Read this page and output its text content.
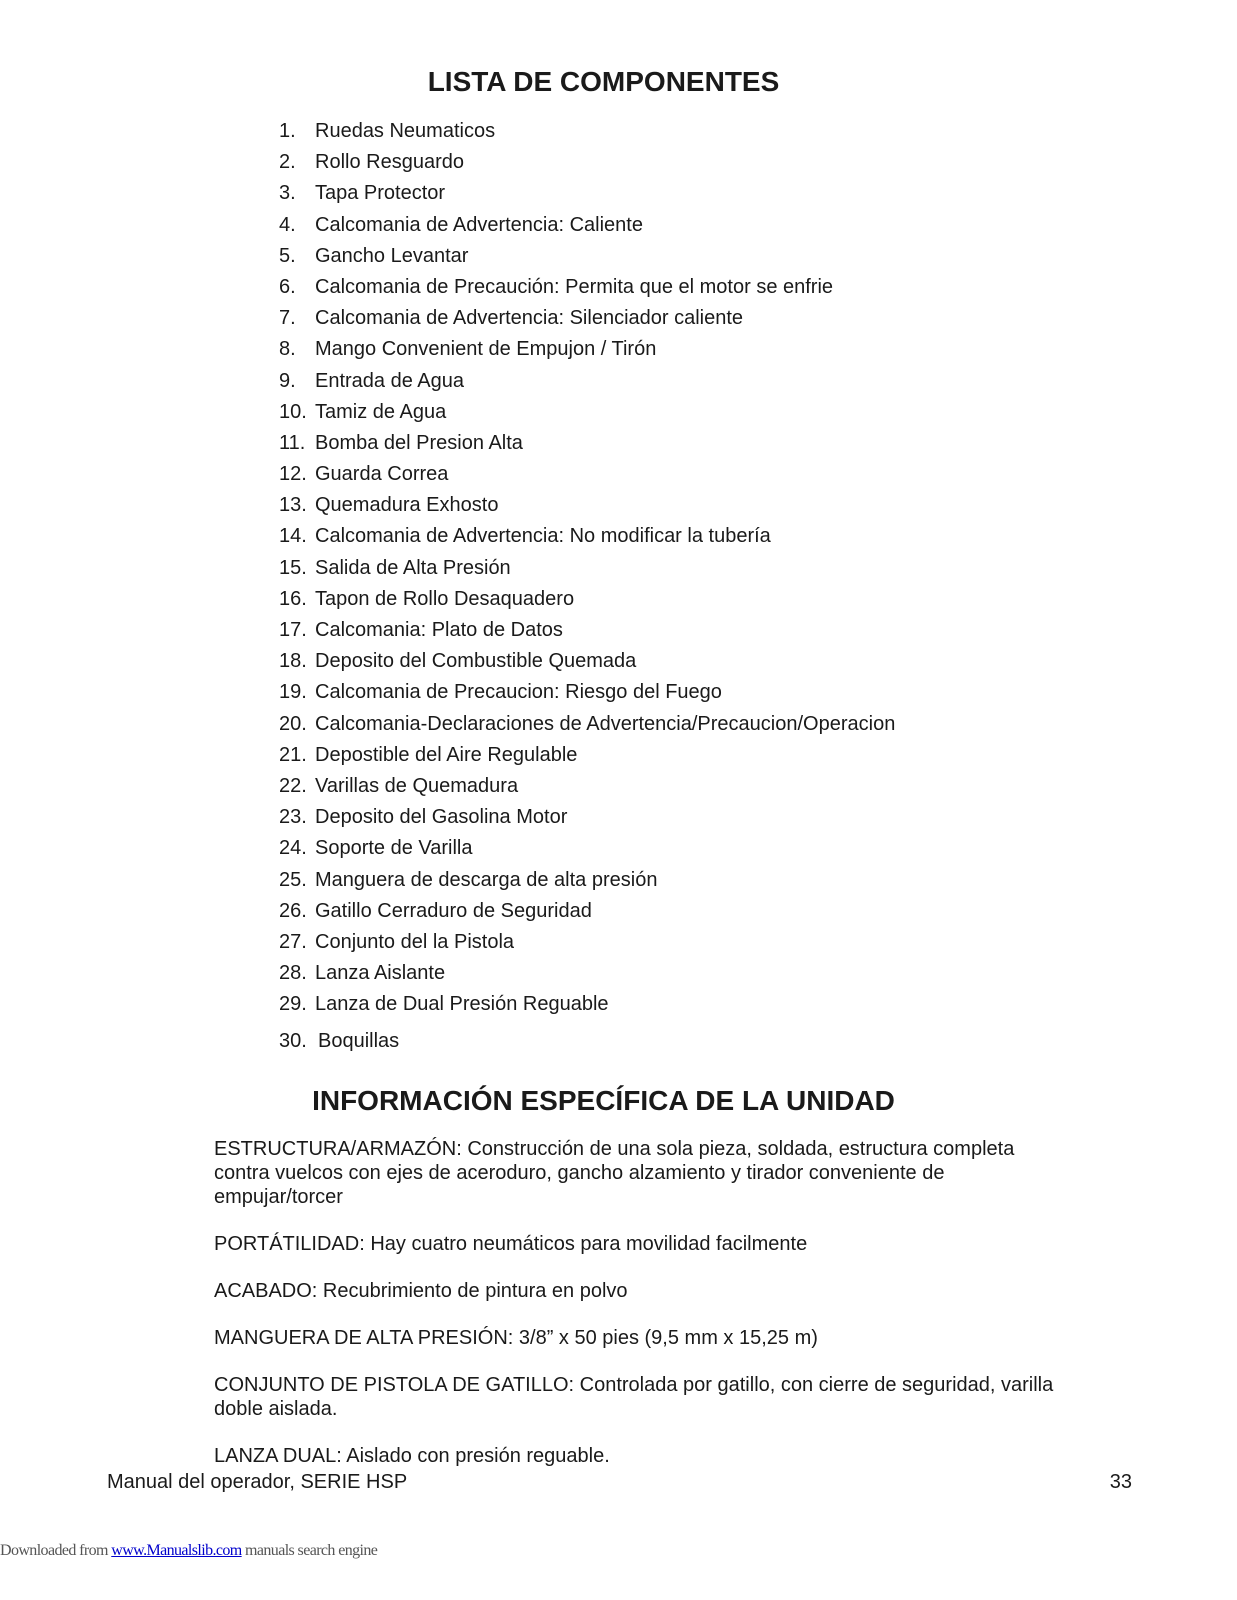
LISTA DE COMPONENTES
1. Ruedas Neumaticos
2. Rollo Resguardo
3. Tapa Protector
4. Calcomania de Advertencia: Caliente
5. Gancho Levantar
6. Calcomania de Precaución: Permita que el motor se enfrie
7. Calcomania de Advertencia: Silenciador caliente
8. Mango Convenient de Empujon / Tirón
9. Entrada de Agua
10. Tamiz de Agua
11. Bomba del Presion Alta
12. Guarda Correa
13. Quemadura Exhosto
14. Calcomania de Advertencia: No modificar la tubería
15. Salida de Alta Presión
16. Tapon de Rollo Desaquadero
17. Calcomania: Plato de Datos
18. Deposito del Combustible Quemada
19. Calcomania de Precaucion: Riesgo del Fuego
20. Calcomania-Declaraciones de Advertencia/Precaucion/Operacion
21. Depostible del Aire Regulable
22. Varillas de Quemadura
23. Deposito del Gasolina Motor
24. Soporte de Varilla
25. Manguera de descarga de alta presión
26. Gatillo Cerraduro de Seguridad
27. Conjunto del la Pistola
28. Lanza Aislante
29. Lanza de Dual Presión Reguable
30. Boquillas
INFORMACIÓN ESPECÍFICA DE LA UNIDAD

ESTRUCTURA/ARMAZÓN: Construcción de una sola pieza, soldada, estructura completa contra vuelcos con ejes de aceroduro, gancho alzamiento y tirador conveniente de empujar/torcer

PORTÁTILIDAD: Hay cuatro neumáticos para movilidad facilmente

ACABADO: Recubrimiento de pintura en polvo

MANGUERA DE ALTA PRESIÓN: 3/8” x 50 pies (9,5 mm x 15,25 m)

CONJUNTO DE PISTOLA DE GATILLO: Controlada por gatillo, con cierre de seguridad, varilla doble aislada.

LANZA DUAL: Aislado con presión reguable.

Manual del operador, SERIE HSP	33
Downloaded from www.Manualslib.com manuals search engine
